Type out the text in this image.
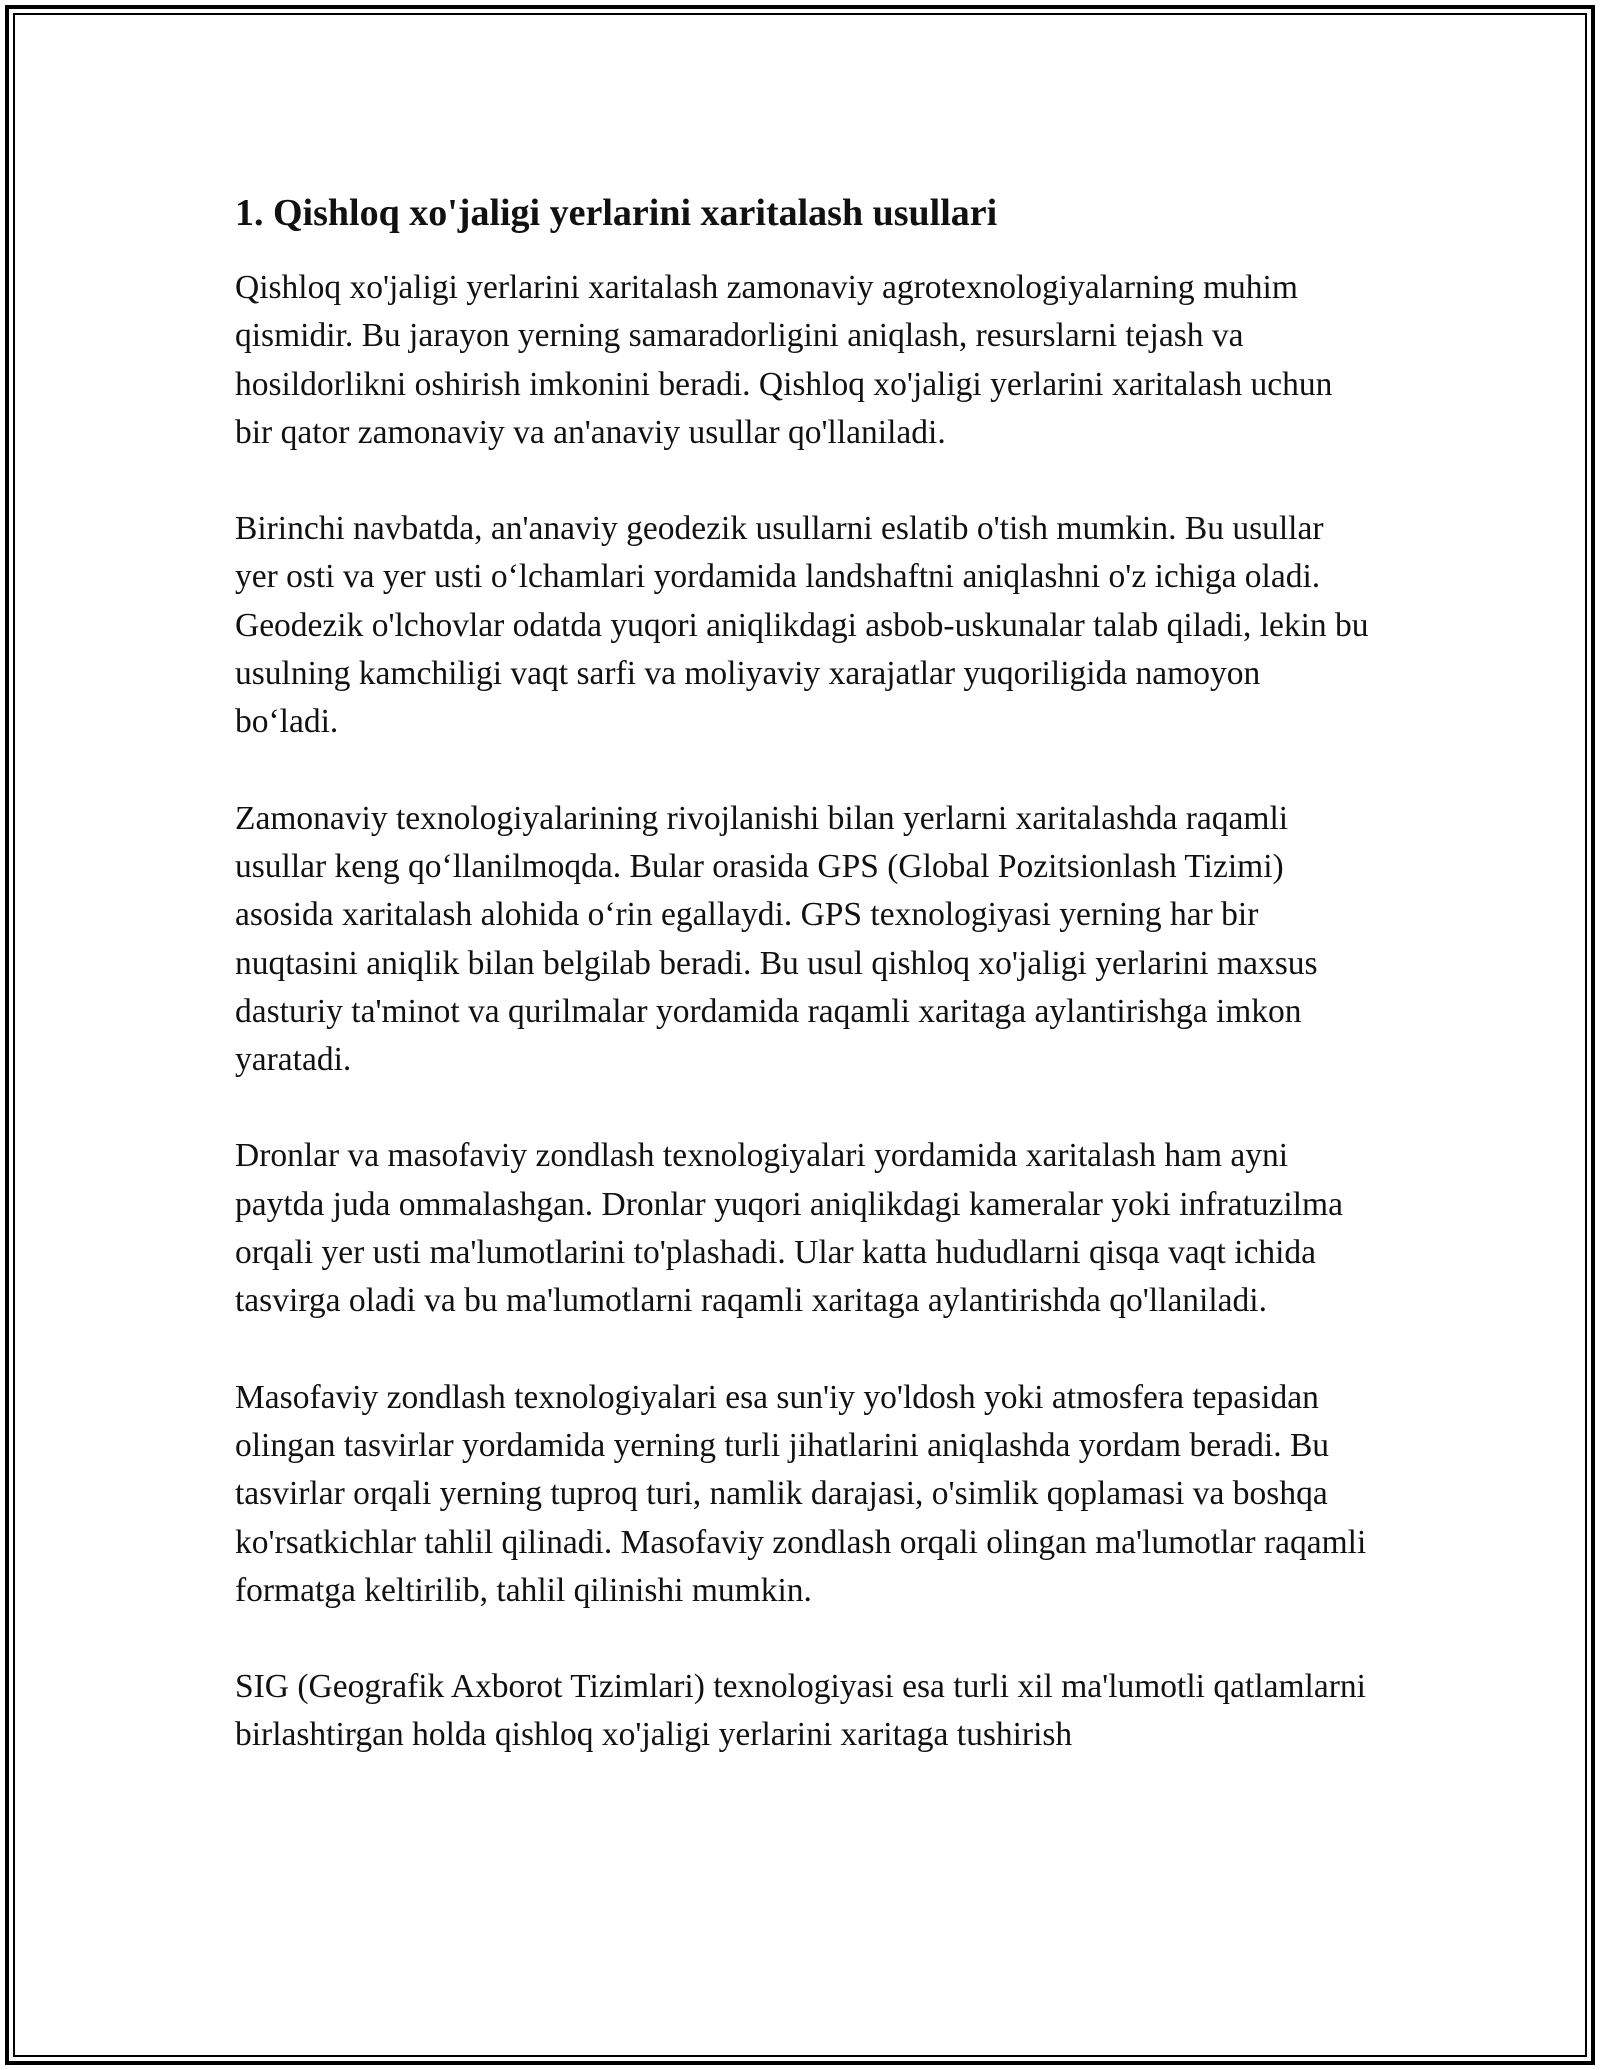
1. Qishloq xo'jaligi yerlarini xaritalash usullari

Qishloq xo'jaligi yerlarini xaritalash zamonaviy agrotexnologiyalarning muhim qismidir. Bu jarayon yerning samaradorligini aniqlash, resurslarni tejash va hosildorlikni oshirish imkonini beradi. Qishloq xo'jaligi yerlarini xaritalash uchun bir qator zamonaviy va an'anaviy usullar qo'llaniladi.

Birinchi navbatda, an'anaviy geodezik usullarni eslatib o'tish mumkin. Bu usullar yer osti va yer usti o‘lchamlari yordamida landshaftni aniqlashni o'z ichiga oladi. Geodezik o'lchovlar odatda yuqori aniqlikdagi asbob-uskunalar talab qiladi, lekin bu usulning kamchiligi vaqt sarfi va moliyaviy xarajatlar yuqoriligida namoyon bo‘ladi.

Zamonaviy texnologiyalarining rivojlanishi bilan yerlarni xaritalashda raqamli usullar keng qo‘llanilmoqda. Bular orasida GPS (Global Pozitsionlash Tizimi) asosida xaritalash alohida o‘rin egallaydi. GPS texnologiyasi yerning har bir nuqtasini aniqlik bilan belgilab beradi. Bu usul qishloq xo'jaligi yerlarini maxsus dasturiy ta'minot va qurilmalar yordamida raqamli xaritaga aylantirishga imkon yaratadi.

Dronlar va masofaviy zondlash texnologiyalari yordamida xaritalash ham ayni paytda juda ommalashgan. Dronlar yuqori aniqlikdagi kameralar yoki infratuzilma orqali yer usti ma'lumotlarini to'plashadi. Ular katta hududlarni qisqa vaqt ichida tasvirga oladi va bu ma'lumotlarni raqamli xaritaga aylantirishda qo'llaniladi.

Masofaviy zondlash texnologiyalari esa sun'iy yo'ldosh yoki atmosfera tepasidan olingan tasvirlar yordamida yerning turli jihatlarini aniqlashda yordam beradi. Bu tasvirlar orqali yerning tuproq turi, namlik darajasi, o'simlik qoplamasi va boshqa ko'rsatkichlar tahlil qilinadi. Masofaviy zondlash orqali olingan ma'lumotlar raqamli formatga keltirilib, tahlil qilinishi mumkin.

SIG (Geografik Axborot Tizimlari) texnologiyasi esa turli xil ma'lumotli qatlamlarni birlashtirgan holda qishloq xo'jaligi yerlarini xaritaga tushirish
